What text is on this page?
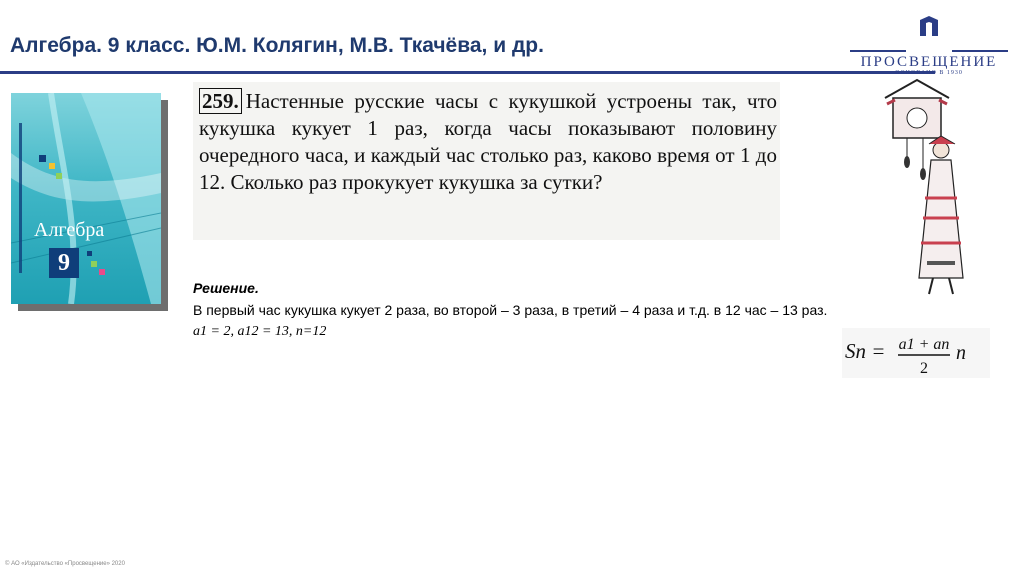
Алгебра. 9 класс. Ю.М. Колягин, М.В. Ткачёва, и др.
ПРОСВЕЩЕНИЕ
ОСНОВАНО В 1930
Алгебра
9
259. Настенные русские часы с кукушкой устроены так, что кукушка кукует 1 раз, когда часы показывают половину очередного часа, и каждый час столько раз, каково время от 1 до 12. Сколько раз прокукует кукушка за сутки?
Решение.
В первый час кукушка кукует 2 раза, во второй – 3 раза, в третий – 4 раза и т.д. в 12 час – 13 раз.
a1 = 2, a12 = 13, n=12
Sn = a1 + an
2
n
© АО «Издательство «Просвещение» 2020
